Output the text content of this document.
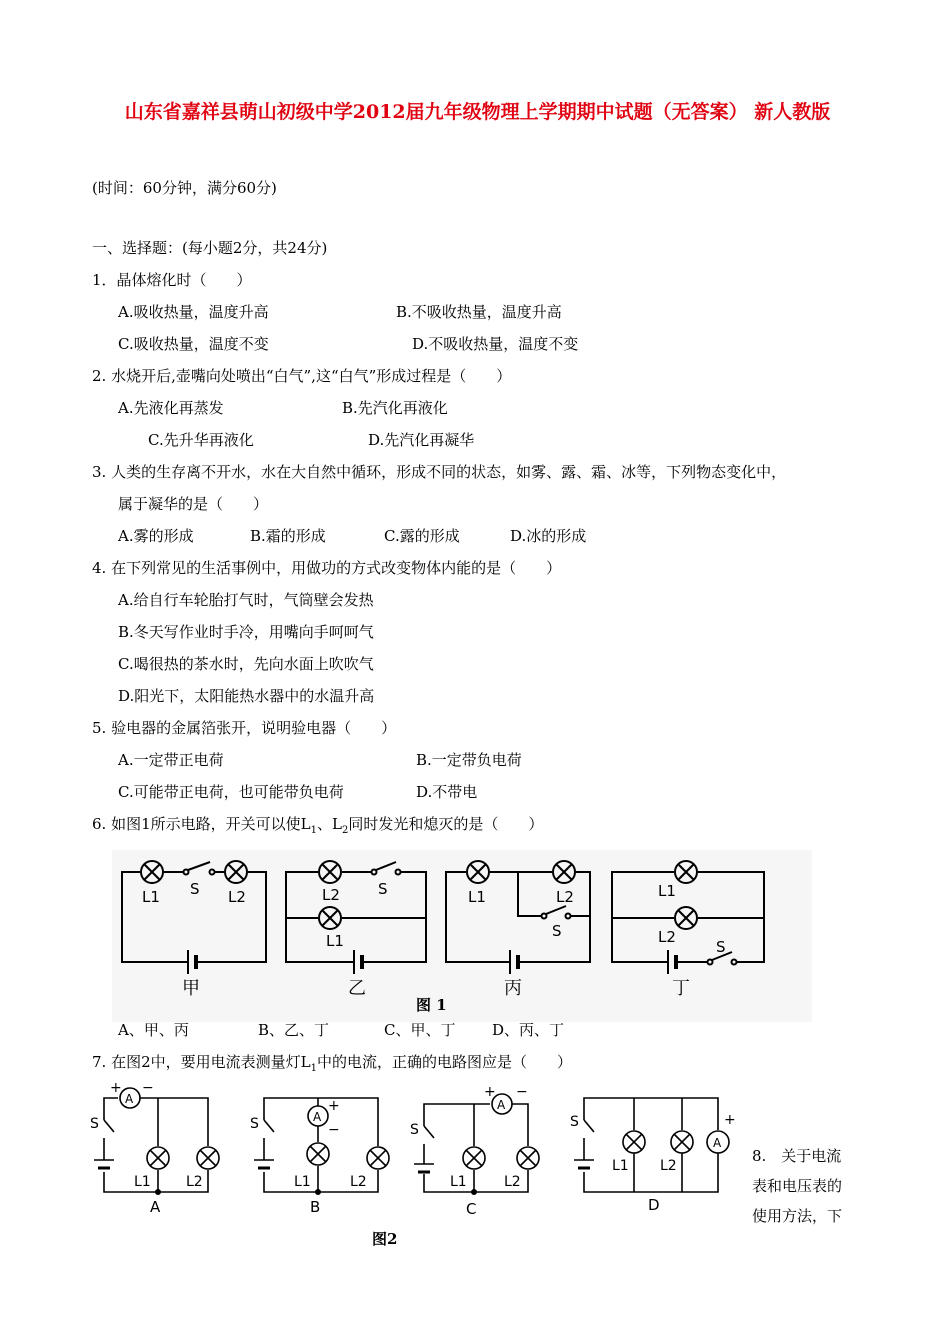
山东省嘉祥县萌山初级中学2012届九年级物理上学期期中试题（无答案） 新人教版
(时间：60分钟，满分60分)
一、选择题：(每小题2分，共24分)
1．晶体熔化时（　　）
A.吸收热量，温度升高	B.不吸收热量，温度升高
C.吸收热量，温度不变	D.不吸收热量，温度不变
2. 水烧开后,壶嘴向处喷出“白气”,这“白气”形成过程是（　　）
A.先液化再蒸发	B.先汽化再液化
C.先升华再液化	D.先汽化再凝华
3. 人类的生存离不开水，水在大自然中循环，形成不同的状态，如雾、露、霜、冰等，下列物态变化中，
属于凝华的是（　　）
A.雾的形成	B.霜的形成	C.露的形成	D.冰的形成
4. 在下列常见的生活事例中，用做功的方式改变物体内能的是（　　）
A.给自行车轮胎打气时，气筒壁会发热
B.冬天写作业时手冷，用嘴向手呵呵气
C.喝很热的茶水时，先向水面上吹吹气
D.阳光下，太阳能热水器中的水温升高
5. 验电器的金属箔张开，说明验电器（　　）
A.一定带正电荷	B.一定带负电荷
C.可能带正电荷，也可能带负电荷	D.不带电
6. 如图1所示电路，开关可以使$L_1$、$L_2$同时发光和熄灭的是（　　）
L1 S L2
甲
L2	S
L1
乙
L1	L2
S
丙
L1
L2
S
丁
图 1
A、甲、丙	B、乙、丁	C、甲、丁 D、丙、丁
7. 在图2中，要用电流表测量灯$L_1$中的电流，正确的电路图应是（　　）
A
+ −
S
L1	L2
A
A
+
−
S
L1	L2
B
A
+ −
S
L1	L2
C
A
+
S
L1 L2
D
图2
8.　关于电流
表和电压表的
使用方法，下
